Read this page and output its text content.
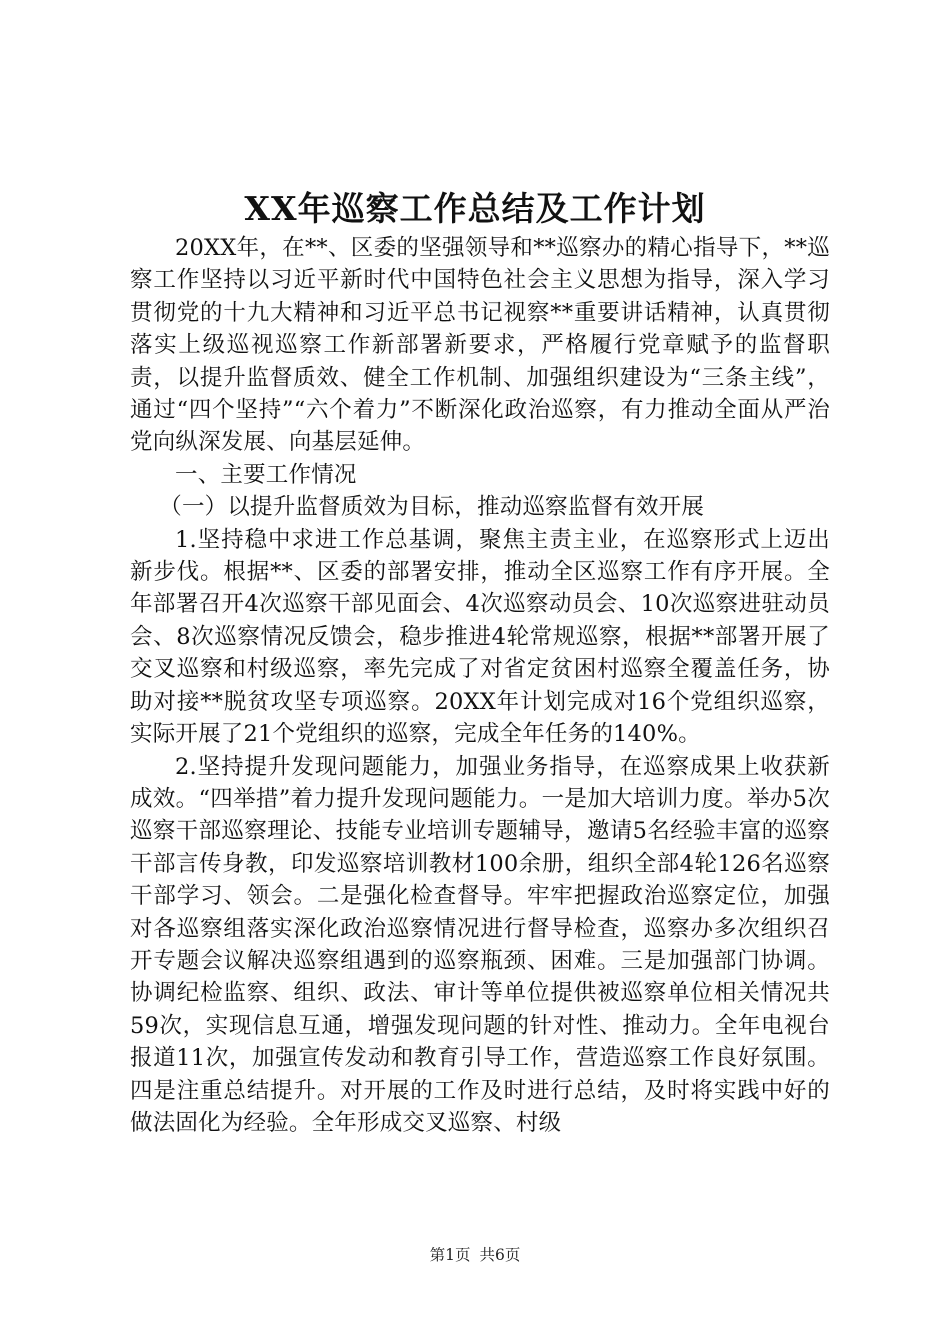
XX年巡察工作总结及工作计划

20XX年，在**、区委的坚强领导和**巡察办的精心指导下，**巡察工作坚持以习近平新时代中国特色社会主义思想为指导，深入学习贯彻党的十九大精神和习近平总书记视察**重要讲话精神，认真贯彻落实上级巡视巡察工作新部署新要求，严格履行党章赋予的监督职责，以提升监督质效、健全工作机制、加强组织建设为“三条主线”，通过“四个坚持”“六个着力”不断深化政治巡察，有力推动全面从严治党向纵深发展、向基层延伸。

一、主要工作情况

（一）以提升监督质效为目标，推动巡察监督有效开展

1.坚持稳中求进工作总基调，聚焦主责主业，在巡察形式上迈出新步伐。根据**、区委的部署安排，推动全区巡察工作有序开展。全年部署召开4次巡察干部见面会、4次巡察动员会、10次巡察进驻动员会、8次巡察情况反馈会，稳步推进4轮常规巡察，根据**部署开展了交叉巡察和村级巡察，率先完成了对省定贫困村巡察全覆盖任务，协助对接**脱贫攻坚专项巡察。20XX年计划完成对16个党组织巡察，实际开展了21个党组织的巡察，完成全年任务的140%。

2.坚持提升发现问题能力，加强业务指导，在巡察成果上收获新成效。“四举措”着力提升发现问题能力。一是加大培训力度。举办5次巡察干部巡察理论、技能专业培训专题辅导，邀请5名经验丰富的巡察干部言传身教，印发巡察培训教材100余册，组织全部4轮126名巡察干部学习、领会。二是强化检查督导。牢牢把握政治巡察定位，加强对各巡察组落实深化政治巡察情况进行督导检查，巡察办多次组织召开专题会议解决巡察组遇到的巡察瓶颈、困难。三是加强部门协调。协调纪检监察、组织、政法、审计等单位提供被巡察单位相关情况共59次，实现信息互通，增强发现问题的针对性、推动力。全年电视台报道11次，加强宣传发动和教育引导工作，营造巡察工作良好氛围。四是注重总结提升。对开展的工作及时进行总结，及时将实践中好的做法固化为经验。全年形成交叉巡察、村级

第1页 共6页
